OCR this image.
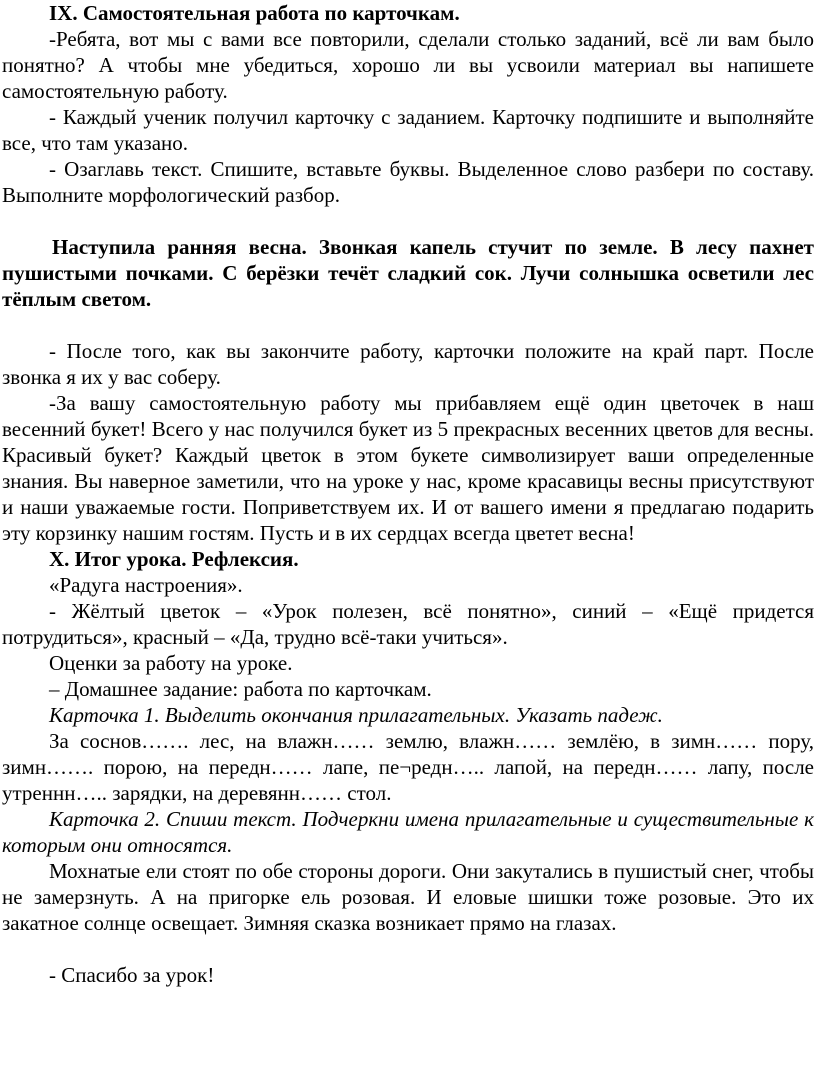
IX. Самостоятельная работа по карточкам.

-Ребята, вот мы с вами все повторили, сделали столько заданий, всё ли вам было понятно? А чтобы мне убедиться, хорошо ли вы усвоили материал вы напишете самостоятельную работу.

- Каждый ученик получил карточку с заданием. Карточку подпишите и выполняйте все, что там указано.

- Озаглавь текст. Спишите, вставьте буквы. Выделенное слово разбери по составу. Выполните морфологический разбор.

Наступила ранняя весна. Звонкая капель стучит по земле. В лесу пахнет пушистыми почками. С берёзки течёт сладкий сок. Лучи солнышка осветили лес тёплым светом.

- После того, как вы закончите работу, карточки положите на край парт. После звонка я их у вас соберу.

-За вашу самостоятельную работу мы прибавляем ещё один цветочек в наш весенний букет! Всего у нас получился букет из 5 прекрасных весенних цветов для весны. Красивый букет? Каждый цветок в этом букете символизирует ваши определенные знания. Вы наверное заметили, что на уроке у нас, кроме красавицы весны присутствуют и наши уважаемые гости. Поприветствуем их. И от вашего имени я предлагаю подарить эту корзинку нашим гостям. Пусть и в их сердцах всегда цветет весна!

X. Итог урока. Рефлексия.

«Радуга настроения».

- Жёлтый цветок – «Урок полезен, всё понятно», синий – «Ещё придется потрудиться», красный – «Да, трудно всё-таки учиться».

Оценки за работу на уроке.

– Домашнее задание: работа по карточкам.

Карточка 1. Выделить окончания прилагательных. Указать падеж.

За соснов……. лес, на влажн…… землю, влажн…… землёю, в зимн…… пору, зимн……. порою, на передн…… лапе, пе¬редн….. лапой, на передн…… лапу, после утреннн….. зарядки, на деревянн…… стол.

Карточка 2. Спиши текст. Подчеркни имена прилагательные и существительные к которым они относятся.

Мохнатые ели стоят по обе стороны дороги. Они закутались в пушистый снег, чтобы не замерзнуть. А на пригорке ель розовая. И еловые шишки тоже розовые. Это их закатное солнце освещает. Зимняя сказка возникает прямо на глазах.

- Спасибо за урок!
